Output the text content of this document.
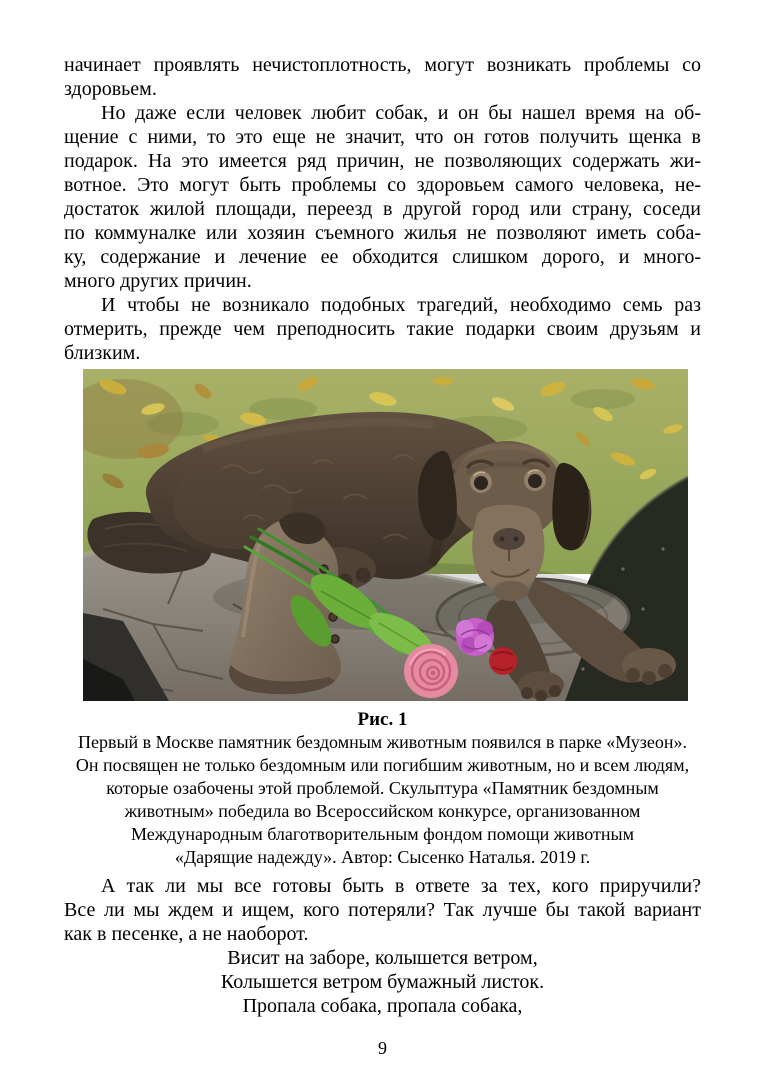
начинает проявлять нечистоплотность, могут возникать проблемы со
здоровьем.
Но даже если человек любит собак, и он бы нашел время на об-
щение с ними, то это еще не значит, что он готов получить щенка в
подарок. На это имеется ряд причин, не позволяющих содержать жи-
вотное. Это могут быть проблемы со здоровьем самого человека, не-
достаток жилой площади, переезд в другой город или страну, соседи
по коммуналке или хозяин съемного жилья не позволяют иметь соба-
ку, содержание и лечение ее обходится слишком дорого, и много-
много других причин.
И чтобы не возникало подобных трагедий, необходимо семь раз
отмерить, прежде чем преподносить такие подарки своим друзьям и
близким.
Рис. 1
Первый в Москве памятник бездомным животным появился в парке «Музеон».
Он посвящен не только бездомным или погибшим животным, но и всем людям,
которые озабочены этой проблемой. Скульптура «Памятник бездомным
животным» победила во Всероссийском конкурсе, организованном
Международным благотворительным фондом помощи животным
«Дарящие надежду». Автор: Сысенко Наталья. 2019 г.
А так ли мы все готовы быть в ответе за тех, кого приручили?
Все ли мы ждем и ищем, кого потеряли? Так лучше бы такой вариант
как в песенке, а не наоборот.
Висит на заборе, колышется ветром,
Колышется ветром бумажный листок.
Пропала собака, пропала собака,
9
